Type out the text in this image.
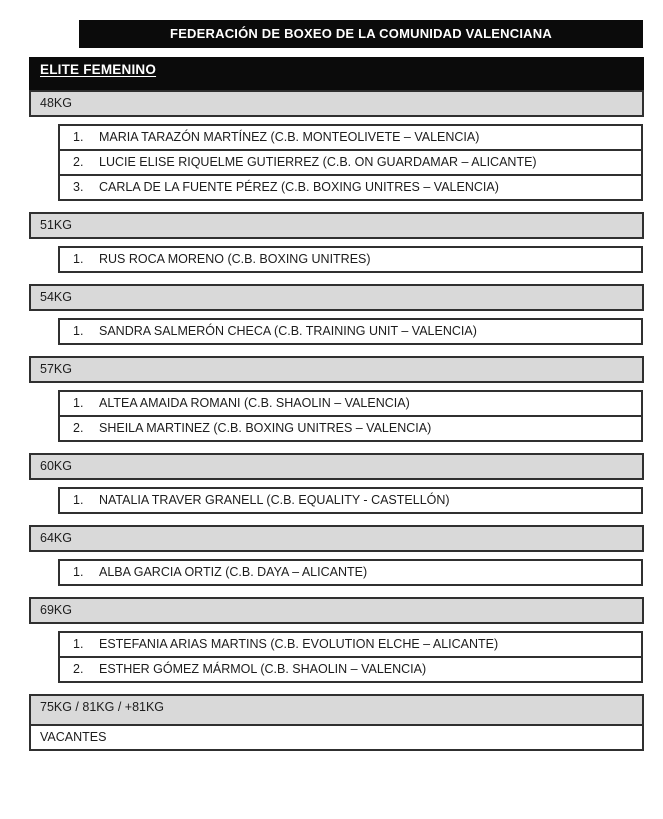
FEDERACIÓN DE BOXEO DE LA COMUNIDAD VALENCIANA
ELITE FEMENINO
48KG
1.	MARIA TARAZÓN MARTÍNEZ (C.B. MONTEOLIVETE – VALENCIA)
2.	LUCIE ELISE RIQUELME GUTIERREZ (C.B. ON GUARDAMAR – ALICANTE)
3.	CARLA DE LA FUENTE PÉREZ (C.B. BOXING UNITRES – VALENCIA)
51KG
1.	RUS ROCA MORENO (C.B. BOXING UNITRES)
54KG
1.	SANDRA SALMERÓN CHECA (C.B. TRAINING UNIT – VALENCIA)
57KG
1.	ALTEA AMAIDA ROMANI (C.B. SHAOLIN – VALENCIA)
2.	SHEILA MARTINEZ (C.B. BOXING UNITRES – VALENCIA)
60KG
1.	NATALIA TRAVER GRANELL (C.B. EQUALITY - CASTELLÓN)
64KG
1.	ALBA GARCIA ORTIZ (C.B. DAYA – ALICANTE)
69KG
1.	ESTEFANIA ARIAS MARTINS (C.B. EVOLUTION ELCHE – ALICANTE)
2.	ESTHER GÓMEZ MÁRMOL (C.B. SHAOLIN – VALENCIA)
75KG / 81KG / +81KG
VACANTES
